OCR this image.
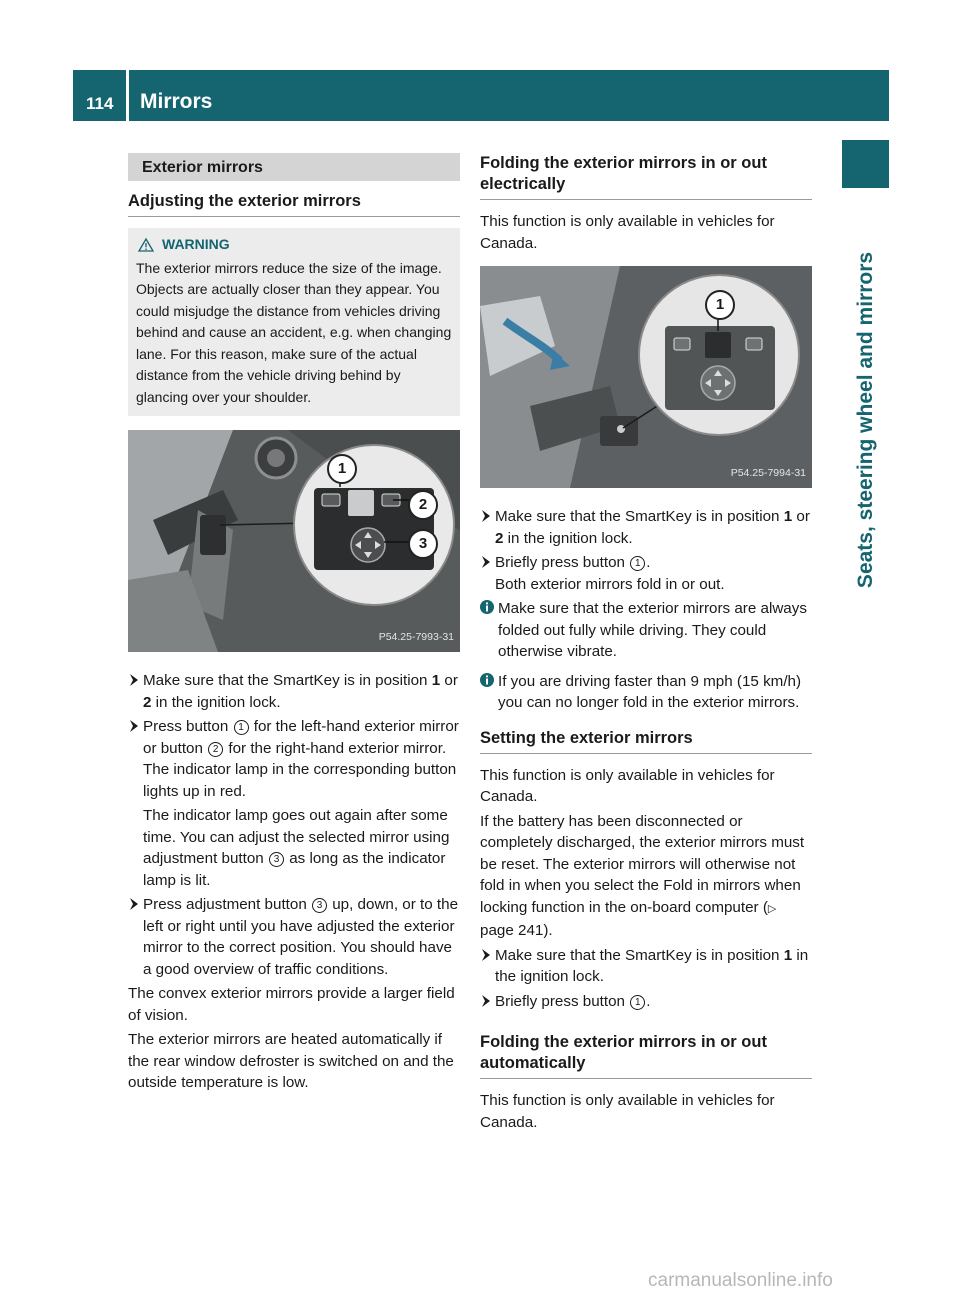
114 Mirrors
Seats, steering wheel and mirrors
Exterior mirrors
Adjusting the exterior mirrors
WARNING
The exterior mirrors reduce the size of the image. Objects are actually closer than they appear. You could misjudge the distance from vehicles driving behind and cause an accident, e.g. when changing lane. For this reason, make sure of the actual distance from the vehicle driving behind by glancing over your shoulder.
1
2
3
P54.25-7993-31
Make sure that the SmartKey is in position 1 or 2 in the ignition lock.
Press button 1 for the left-hand exterior mirror or button 2 for the right-hand exterior mirror.

The indicator lamp in the corresponding button lights up in red.

The indicator lamp goes out again after some time. You can adjust the selected mirror using adjustment button 3 as long as the indicator lamp is lit.

Press adjustment button 3 up, down, or to the left or right until you have adjusted the exterior mirror to the correct position. You should have a good overview of traffic conditions.

The convex exterior mirrors provide a larger field of vision.

The exterior mirrors are heated automatically if the rear window defroster is switched on and the outside temperature is low.

Folding the exterior mirrors in or out electrically

This function is only available in vehicles for Canada.

1
P54.25-7994-31
Make sure that the SmartKey is in position 1 or 2 in the ignition lock.
Briefly press button 1 .

Both exterior mirrors fold in or out.

Make sure that the exterior mirrors are always folded out fully while driving. They could otherwise vibrate.
If you are driving faster than 9 mph (15 km/h) you can no longer fold in the exterior mirrors.
Setting the exterior mirrors

This function is only available in vehicles for Canada.

If the battery has been disconnected or completely discharged, the exterior mirrors must be reset. The exterior mirrors will otherwise not fold in when you select the Fold in mirrors when locking function in the on-board computer (▷ page 241).

Make sure that the SmartKey is in position 1 in the ignition lock.
Briefly press button 1 .
Folding the exterior mirrors in or out automatically

This function is only available in vehicles for Canada.

carmanualsonline.info
